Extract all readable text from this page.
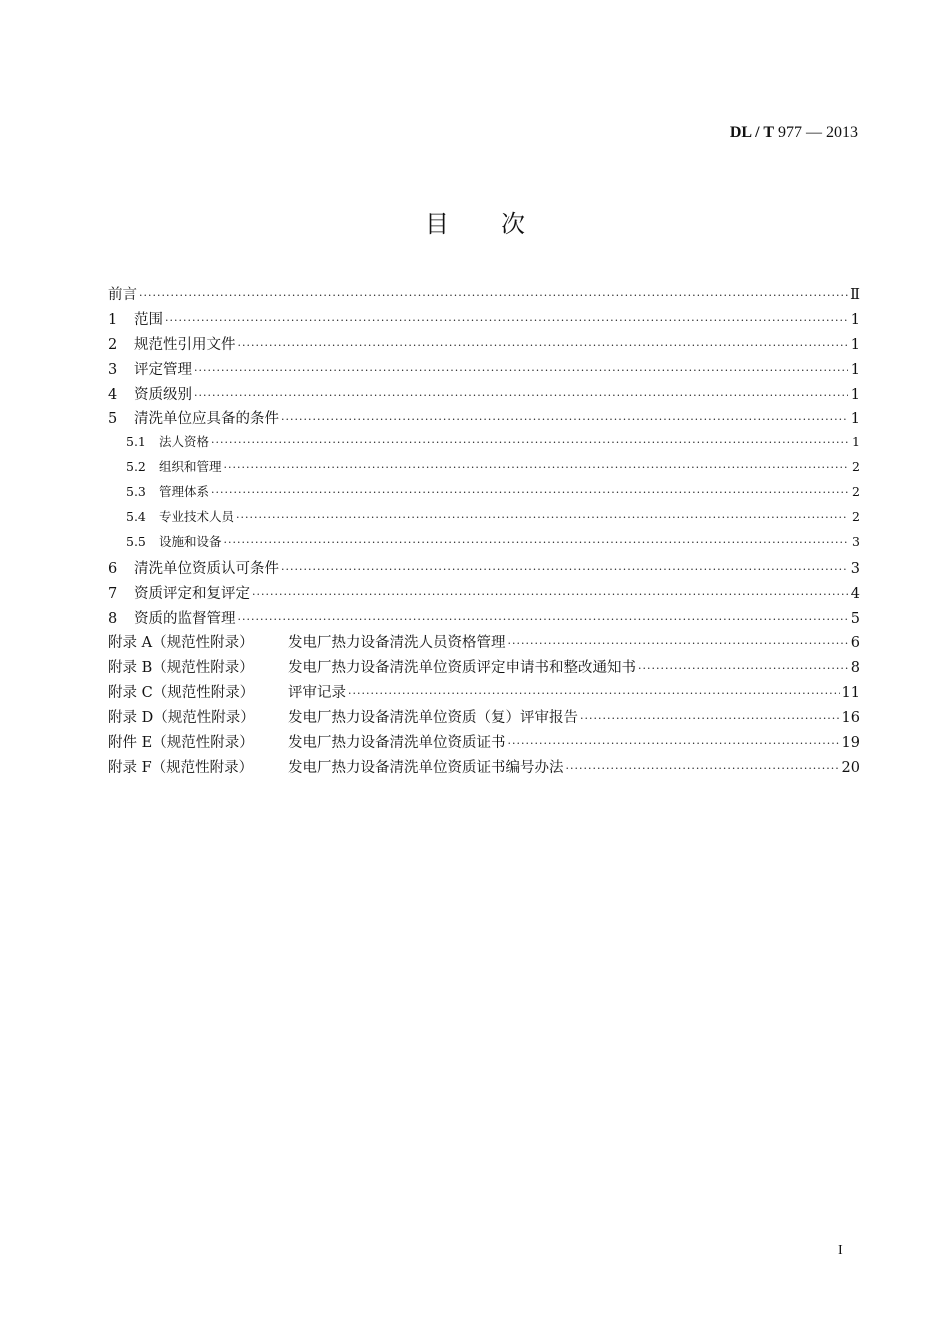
DL / T 977 — 2013
目次
前言 ·····	Ⅱ
1	范围 ·····	1
2	规范性引用文件 ·····	1
3	评定管理 ·····	1
4	资质级别 ·····	1
5	清洗单位应具备的条件 ·····	1
5.1	法人资格 ·····	1
5.2	组织和管理 ·····	2
5.3	管理体系 ·····	2
5.4	专业技术人员 ·····	2
5.5	设施和设备 ·····	3
6	清洗单位资质认可条件 ·····	3
7	资质评定和复评定 ·····	4
8	资质的监督管理 ·····	5
附录 A（规范性附录）	发电厂热力设备清洗人员资格管理 ·····	6
附录 B（规范性附录）	发电厂热力设备清洗单位资质评定申请书和整改通知书 ·····	8
附录 C（规范性附录）	评审记录 ·····	11
附录 D（规范性附录）	发电厂热力设备清洗单位资质（复）评审报告 ·····	16
附件 E（规范性附录）	发电厂热力设备清洗单位资质证书 ·····	19
附录 F（规范性附录）	发电厂热力设备清洗单位资质证书编号办法 ·····	20
I
